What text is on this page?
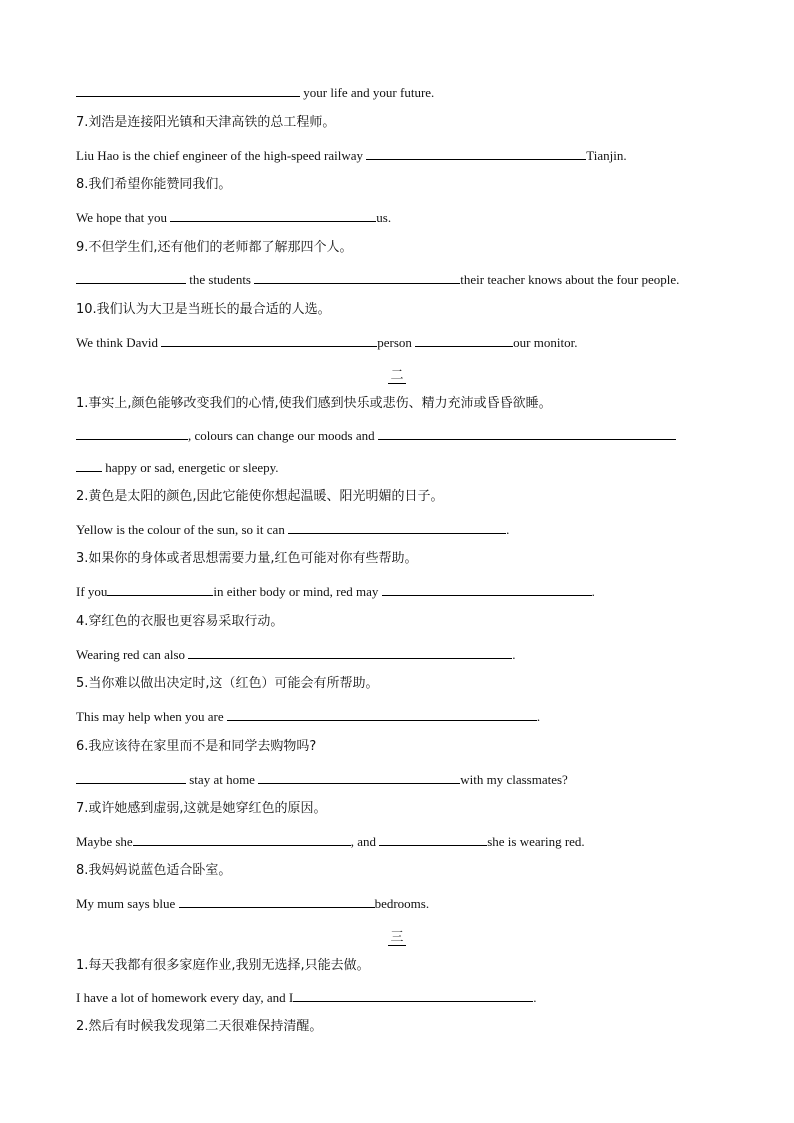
your life and your future.
7.刘浩是连接阳光镇和天津高铁的总工程师。
Liu Hao is the chief engineer of the high-speed railway	Tianjin.
8.我们希望你能赞同我们。
We hope that you	us.
9.不但学生们,还有他们的老师都了解那四个人。
the students	their teacher knows about the four people.
10.我们认为大卫是当班长的最合适的人选。
We think David	person	our monitor.
二
1.事实上,颜色能够改变我们的心情,使我们感到快乐或悲伤、精力充沛或昏昏欲睡。
, colours can change our moods and
happy or sad, energetic or sleepy.
2.黄色是太阳的颜色,因此它能使你想起温暖、阳光明媚的日子。
Yellow is the colour of the sun, so it can	.
3.如果你的身体或者思想需要力量,红色可能对你有些帮助。
If you	in either body or mind, red may	.
4.穿红色的衣服也更容易采取行动。
Wearing red can also	.
5.当你难以做出决定时,这（红色）可能会有所帮助。
This may help when you are	.
6.我应该待在家里而不是和同学去购物吗?
stay at home	with my classmates?
7.或许她感到虚弱,这就是她穿红色的原因。
Maybe she	, and	she is wearing red.
8.我妈妈说蓝色适合卧室。
My mum says blue	bedrooms.
三
1.每天我都有很多家庭作业,我别无选择,只能去做。
I have a lot of homework every day, and I	.
2.然后有时候我发现第二天很难保持清醒。
